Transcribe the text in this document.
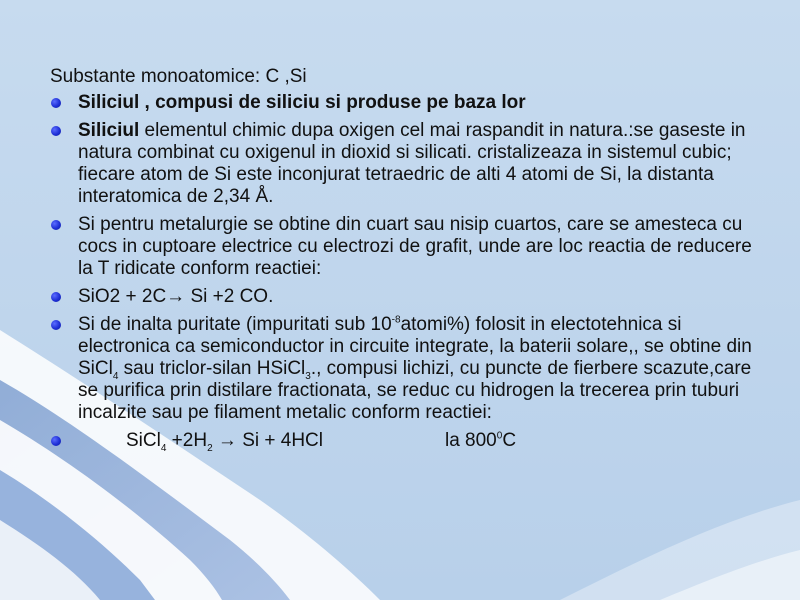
Substante monoatomice: C ,Si
Siliciul , compusi de siliciu si produse pe baza lor
Siliciul elementul chimic dupa oxigen cel mai raspandit in natura.:se gaseste in natura combinat cu oxigenul in dioxid si silicati. cristalizeaza in sistemul cubic; fiecare atom de Si este inconjurat tetraedric de alti 4 atomi de Si, la distanta interatomica de 2,34 Å.
Si pentru metalurgie se obtine din cuart sau nisip cuartos, care se amesteca cu cocs in cuptoare electrice cu electrozi de grafit, unde are loc reactia de reducere la T ridicate conform reactiei:
SiO2 + 2C→ Si +2 CO.
Si de inalta puritate (impuritati sub $10^{-8}atomi\%$) folosit in electotehnica si electronica ca semiconductor in circuite integrate, la baterii solare,, se obtine din SiCl$_4$ sau triclor-silan HSiCl$_3$., compusi lichizi, cu puncte de fierbere scazute,care se purifica prin distilare fractionata, se reduc cu hidrogen la trecerea prin tuburi incalzite sau pe filament metalic conform reactiei:
SiCl$_4$ $+2H_2 \to Si + 4HCl$	la $800^0C$
